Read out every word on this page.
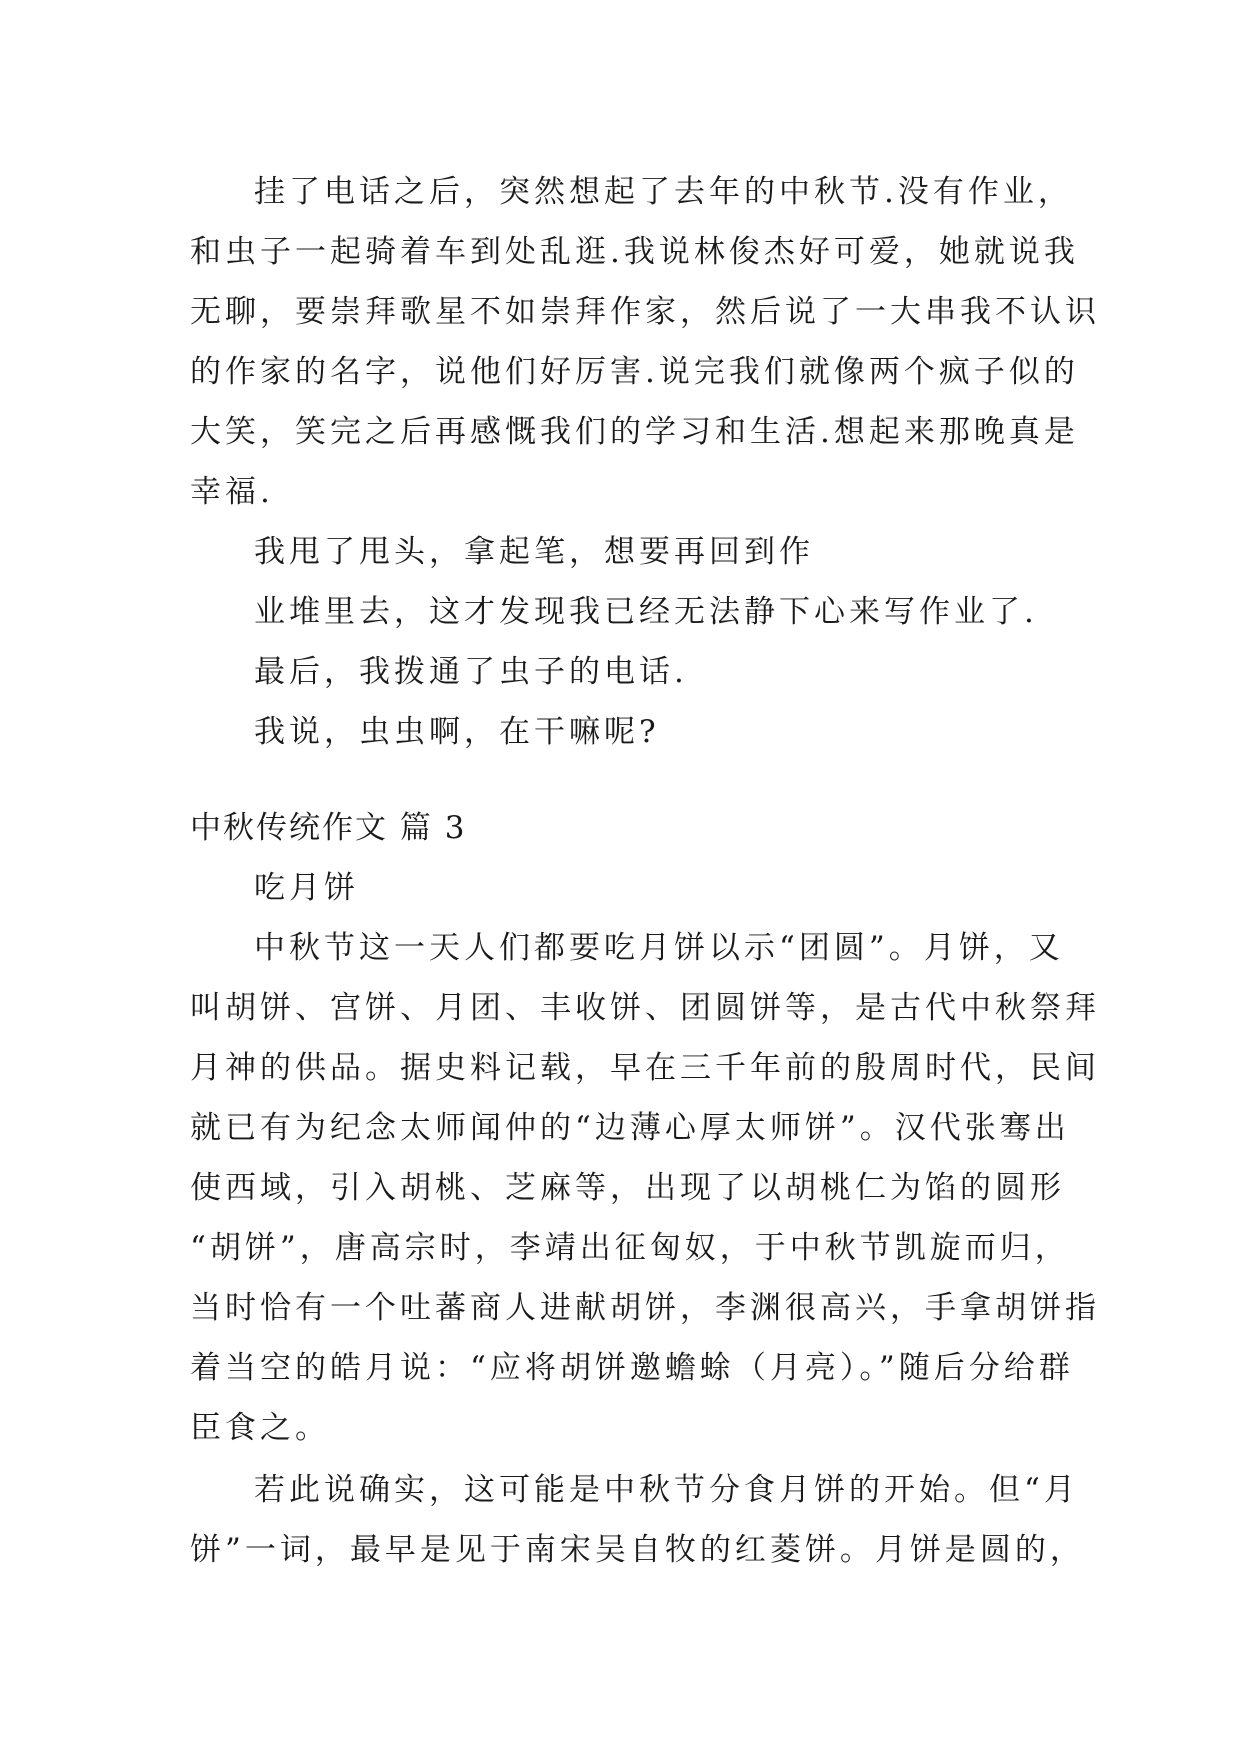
挂了电话之后，突然想起了去年的中秋节.没有作业，

和虫子一起骑着车到处乱逛.我说林俊杰好可爱，她就说我

无聊，要崇拜歌星不如崇拜作家，然后说了一大串我不认识

的作家的名字，说他们好厉害.说完我们就像两个疯子似的

大笑，笑完之后再感慨我们的学习和生活.想起来那晚真是

幸福.

我甩了甩头，拿起笔，想要再回到作

业堆里去，这才发现我已经无法静下心来写作业了.

最后，我拨通了虫子的电话.

我说，虫虫啊，在干嘛呢?

中秋传统作文 篇 3

吃月饼

中秋节这一天人们都要吃月饼以示“团圆”。月饼，又

叫胡饼、宫饼、月团、丰收饼、团圆饼等，是古代中秋祭拜

月神的供品。据史料记载，早在三千年前的殷周时代，民间

就已有为纪念太师闻仲的“边薄心厚太师饼”。汉代张骞出

使西域，引入胡桃、芝麻等，出现了以胡桃仁为馅的圆形

“胡饼”，唐高宗时，李靖出征匈奴，于中秋节凯旋而归，

当时恰有一个吐蕃商人进献胡饼，李渊很高兴，手拿胡饼指

着当空的皓月说：“应将胡饼邀蟾蜍（月亮）。”随后分给群

臣食之。

若此说确实，这可能是中秋节分食月饼的开始。但“月

饼”一词，最早是见于南宋吴自牧的红菱饼。月饼是圆的，
